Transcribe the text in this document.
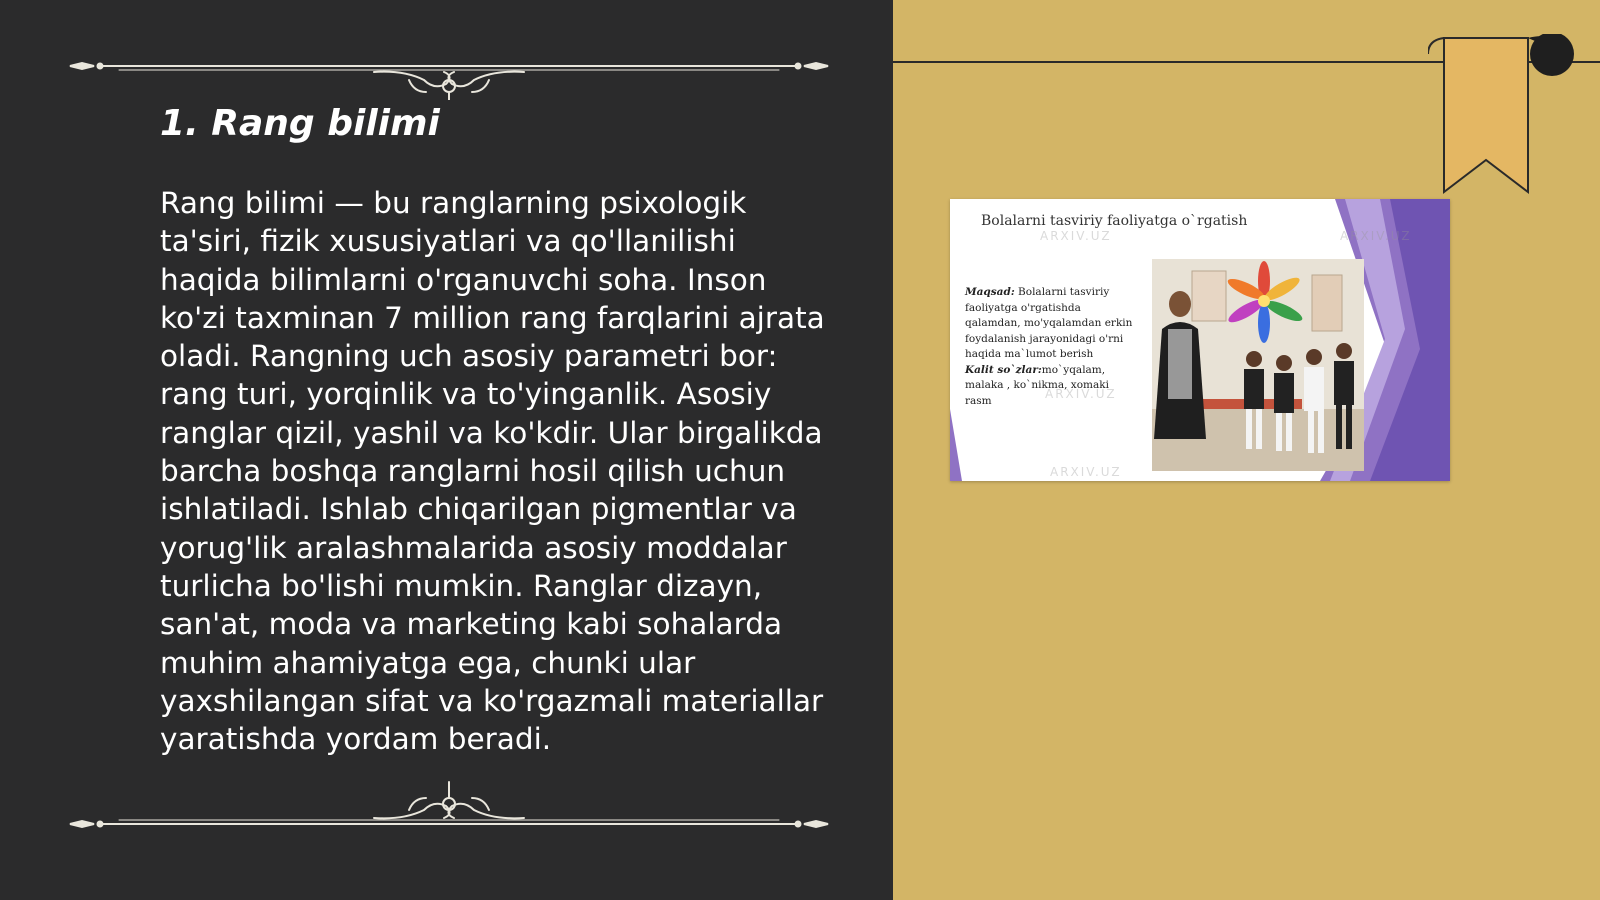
1. Rang bilimi

Rang bilimi — bu ranglarning psixologik ta'siri, fizik xususiyatlari va qo'llanilishi haqida bilimlarni o'rganuvchi soha. Inson ko'zi taxminan 7 million rang farqlarini ajrata oladi. Rangning uch asosiy parametri bor: rang turi, yorqinlik va to'yinganlik. Asosiy ranglar qizil, yashil va ko'kdir. Ular birgalikda barcha boshqa ranglarni hosil qilish uchun ishlatiladi. Ishlab chiqarilgan pigmentlar va yorug'lik aralashmalarida asosiy moddalar turlicha bo'lishi mumkin. Ranglar dizayn, san'at, moda va marketing kabi sohalarda muhim ahamiyatga ega, chunki ular yaxshilangan sifat va ko'rgazmali materiallar yaratishda yordam beradi.

Bolalarni tasviriy faoliyatga o`rgatish
ARXIV.UZ	ARXIV.UZ
ARXIV.UZ
ARXIV.UZ
Maqsad: Bolalarni tasviriy faoliyatga o'rgatishda qalamdan, mo'yqalamdan erkin foydalanish jarayonidagi o'rni haqida ma`lumot berish
Kalit so`zlar:mo`yqalam, malaka , ko`nikma, xomaki rasm
